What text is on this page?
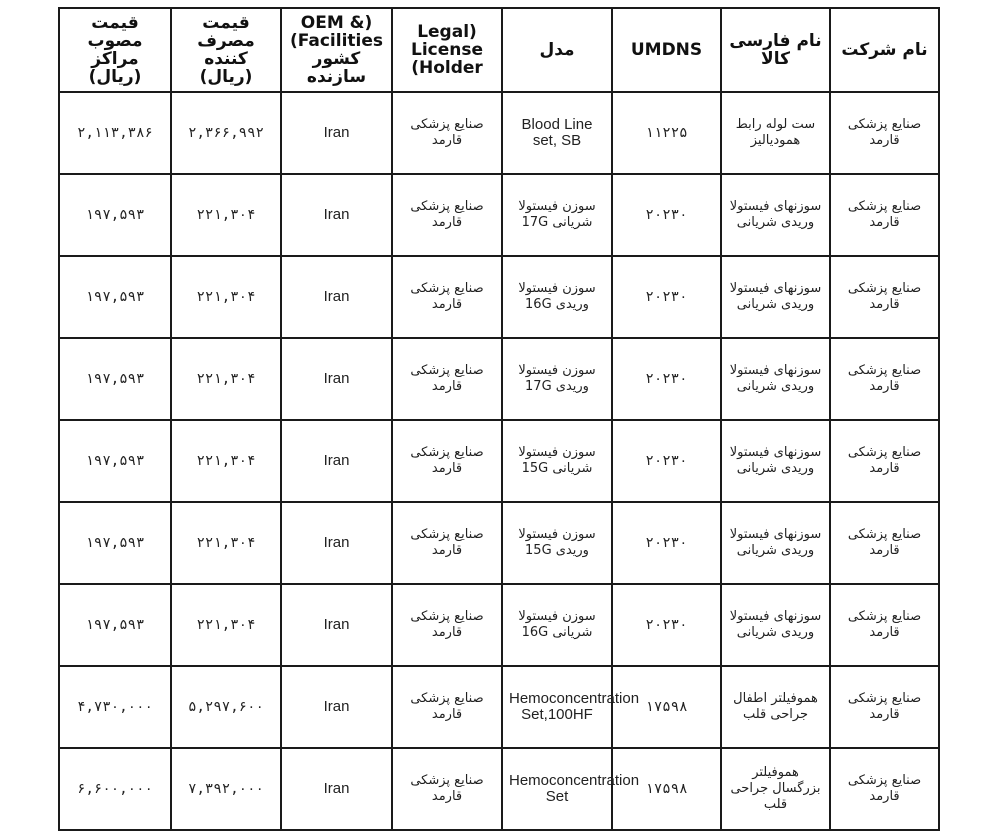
قیمت مصوب مراکز (ریال)	قیمت مصرف کننده (ریال)	OEM &) (Facilities کشور سازنده	Legal) License (Holder	مدل	UMDNS	نام فارسی کالا	نام شرکت
۲,۱۱۳,۳۸۶	۲,۳۶۶,۹۹۲	Iran	صنایع پزشکی قارمد	Blood Line set, SB	۱۱۲۲۵	ست لوله رابط همودیالیز	صنایع پزشکی قارمد
۱۹۷,۵۹۳	۲۲۱,۳۰۴	Iran	صنایع پزشکی قارمد	سوزن فیستولا شریانی 17G	۲۰۲۳۰	سوزنهای فیستولا وریدی شریانی	صنایع پزشکی قارمد
۱۹۷,۵۹۳	۲۲۱,۳۰۴	Iran	صنایع پزشکی قارمد	سوزن فیستولا وریدی 16G	۲۰۲۳۰	سوزنهای فیستولا وریدی شریانی	صنایع پزشکی قارمد
۱۹۷,۵۹۳	۲۲۱,۳۰۴	Iran	صنایع پزشکی قارمد	سوزن فیستولا وریدی 17G	۲۰۲۳۰	سوزنهای فیستولا وریدی شریانی	صنایع پزشکی قارمد
۱۹۷,۵۹۳	۲۲۱,۳۰۴	Iran	صنایع پزشکی قارمد	سوزن فیستولا شریانی 15G	۲۰۲۳۰	سوزنهای فیستولا وریدی شریانی	صنایع پزشکی قارمد
۱۹۷,۵۹۳	۲۲۱,۳۰۴	Iran	صنایع پزشکی قارمد	سوزن فیستولا وریدی 15G	۲۰۲۳۰	سوزنهای فیستولا وریدی شریانی	صنایع پزشکی قارمد
۱۹۷,۵۹۳	۲۲۱,۳۰۴	Iran	صنایع پزشکی قارمد	سوزن فیستولا شریانی 16G	۲۰۲۳۰	سوزنهای فیستولا وریدی شریانی	صنایع پزشکی قارمد
۴,۷۳۰,۰۰۰	۵,۲۹۷,۶۰۰	Iran	صنایع پزشکی قارمد	Hemoconcentration Set,100HF	۱۷۵۹۸	هموفیلتر اطفال جراحی قلب	صنایع پزشکی قارمد
۶,۶۰۰,۰۰۰	۷,۳۹۲,۰۰۰	Iran	صنایع پزشکی قارمد	Hemoconcentration Set	۱۷۵۹۸	هموفیلتر بزرگسال جراحی قلب	صنایع پزشکی قارمد
